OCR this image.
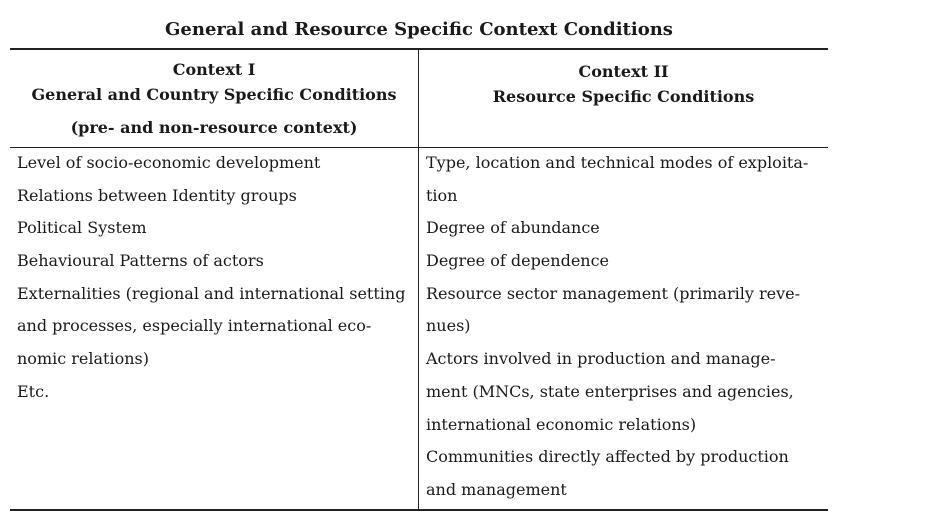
General and Resource Specific Context Conditions
Context I
General and Country Specific Conditions
(pre- and non-resource context)
Context II
Resource Specific Conditions
Level of socio-economic development
Relations between Identity groups
Political System
Behavioural Patterns of actors
Externalities (regional and international setting
and processes, especially international eco-
nomic relations)
Etc.
Type, location and technical modes of exploita-
tion
Degree of abundance
Degree of dependence
Resource sector management (primarily reve-
nues)
Actors involved in production and manage-
ment (MNCs, state enterprises and agencies,
international economic relations)
Communities directly affected by production
and management
